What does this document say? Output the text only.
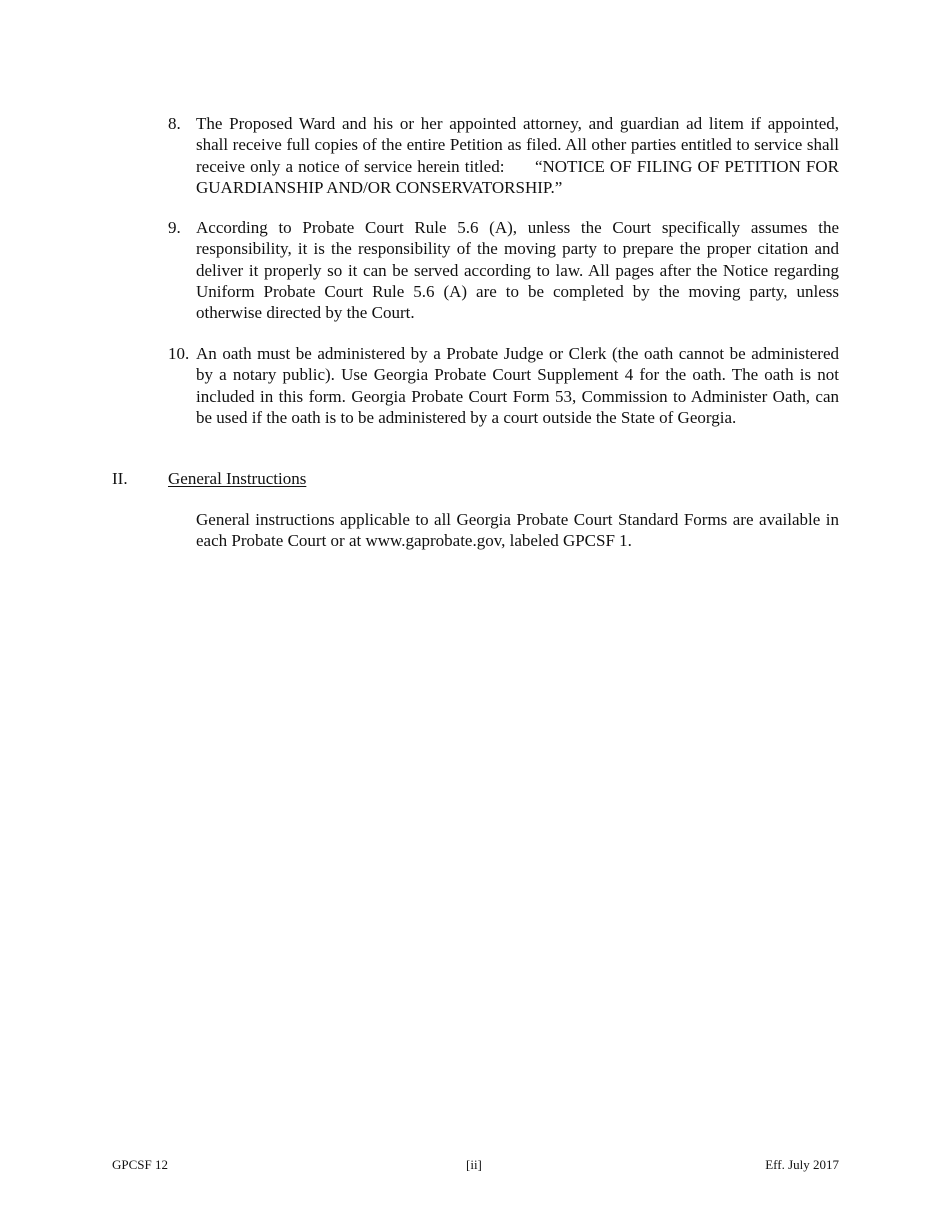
8. The Proposed Ward and his or her appointed attorney, and guardian ad litem if appointed, shall receive full copies of the entire Petition as filed. All other parties entitled to service shall receive only a notice of service herein titled:      “NOTICE OF FILING OF PETITION FOR GUARDIANSHIP AND/OR CONSERVATORSHIP.”
9. According to Probate Court Rule 5.6 (A), unless the Court specifically assumes the responsibility, it is the responsibility of the moving party to prepare the proper citation and deliver it properly so it can be served according to law. All pages after the Notice regarding Uniform Probate Court Rule 5.6 (A) are to be completed by the moving party, unless otherwise directed by the Court.
10. An oath must be administered by a Probate Judge or Clerk (the oath cannot be administered by a notary public). Use Georgia Probate Court Supplement 4 for the oath. The oath is not included in this form. Georgia Probate Court Form 53, Commission to Administer Oath, can be used if the oath is to be administered by a court outside the State of Georgia.
II. General Instructions
General instructions applicable to all Georgia Probate Court Standard Forms are available in each Probate Court or at www.gaprobate.gov, labeled GPCSF 1.
GPCSF 12	[ii]	Eff. July 2017
